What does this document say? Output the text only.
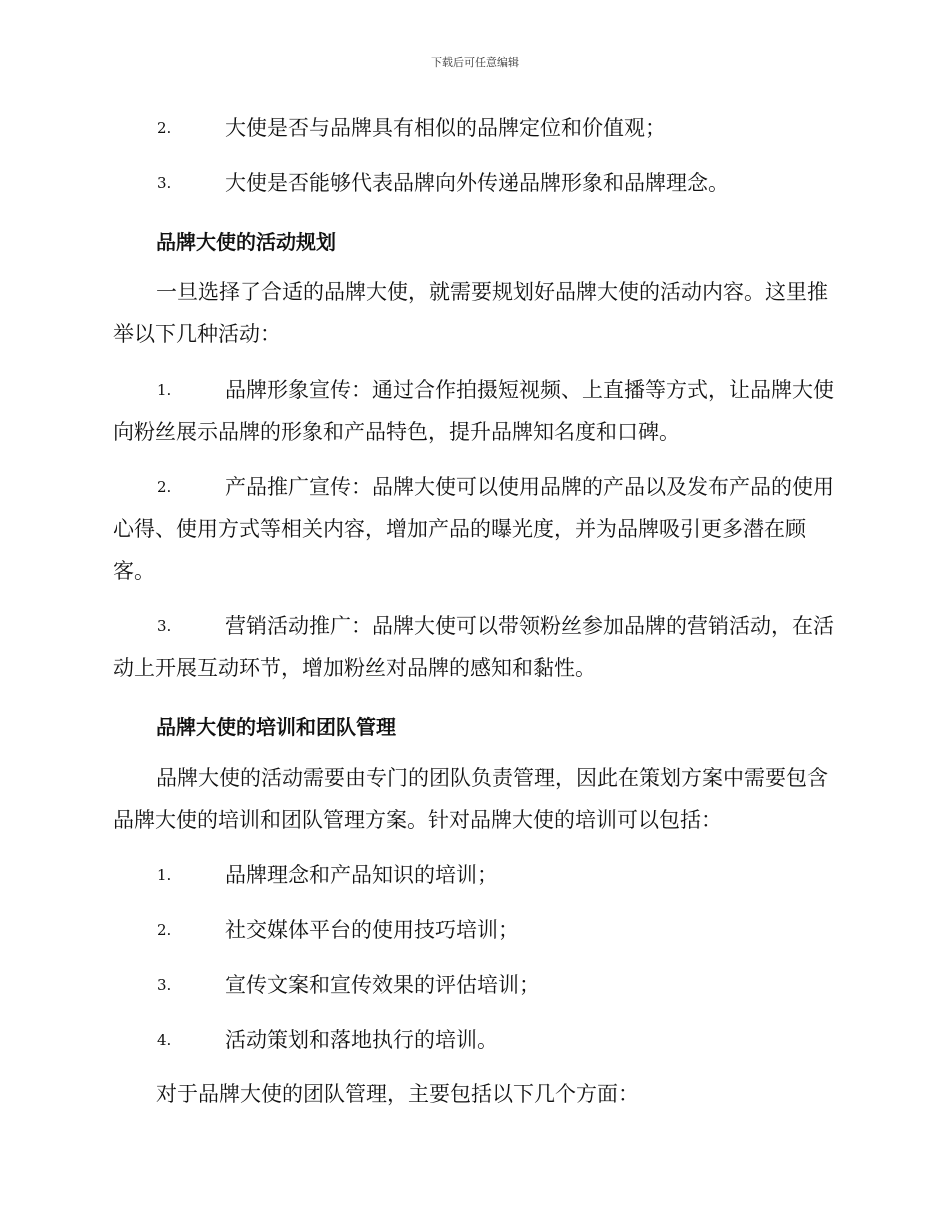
下载后可任意编辑
2.	大使是否与品牌具有相似的品牌定位和价值观；
3.	大使是否能够代表品牌向外传递品牌形象和品牌理念。
品牌大使的活动规划
一旦选择了合适的品牌大使，就需要规划好品牌大使的活动内容。这里推举以下几种活动：
1.	品牌形象宣传：通过合作拍摄短视频、上直播等方式，让品牌大使向粉丝展示品牌的形象和产品特色，提升品牌知名度和口碑。
2.	产品推广宣传：品牌大使可以使用品牌的产品以及发布产品的使用心得、使用方式等相关内容，增加产品的曝光度，并为品牌吸引更多潜在顾客。
3.	营销活动推广：品牌大使可以带领粉丝参加品牌的营销活动，在活动上开展互动环节，增加粉丝对品牌的感知和黏性。
品牌大使的培训和团队管理
品牌大使的活动需要由专门的团队负责管理，因此在策划方案中需要包含品牌大使的培训和团队管理方案。针对品牌大使的培训可以包括：
1.	品牌理念和产品知识的培训；
2.	社交媒体平台的使用技巧培训；
3.	宣传文案和宣传效果的评估培训；
4.	活动策划和落地执行的培训。
对于品牌大使的团队管理，主要包括以下几个方面：
